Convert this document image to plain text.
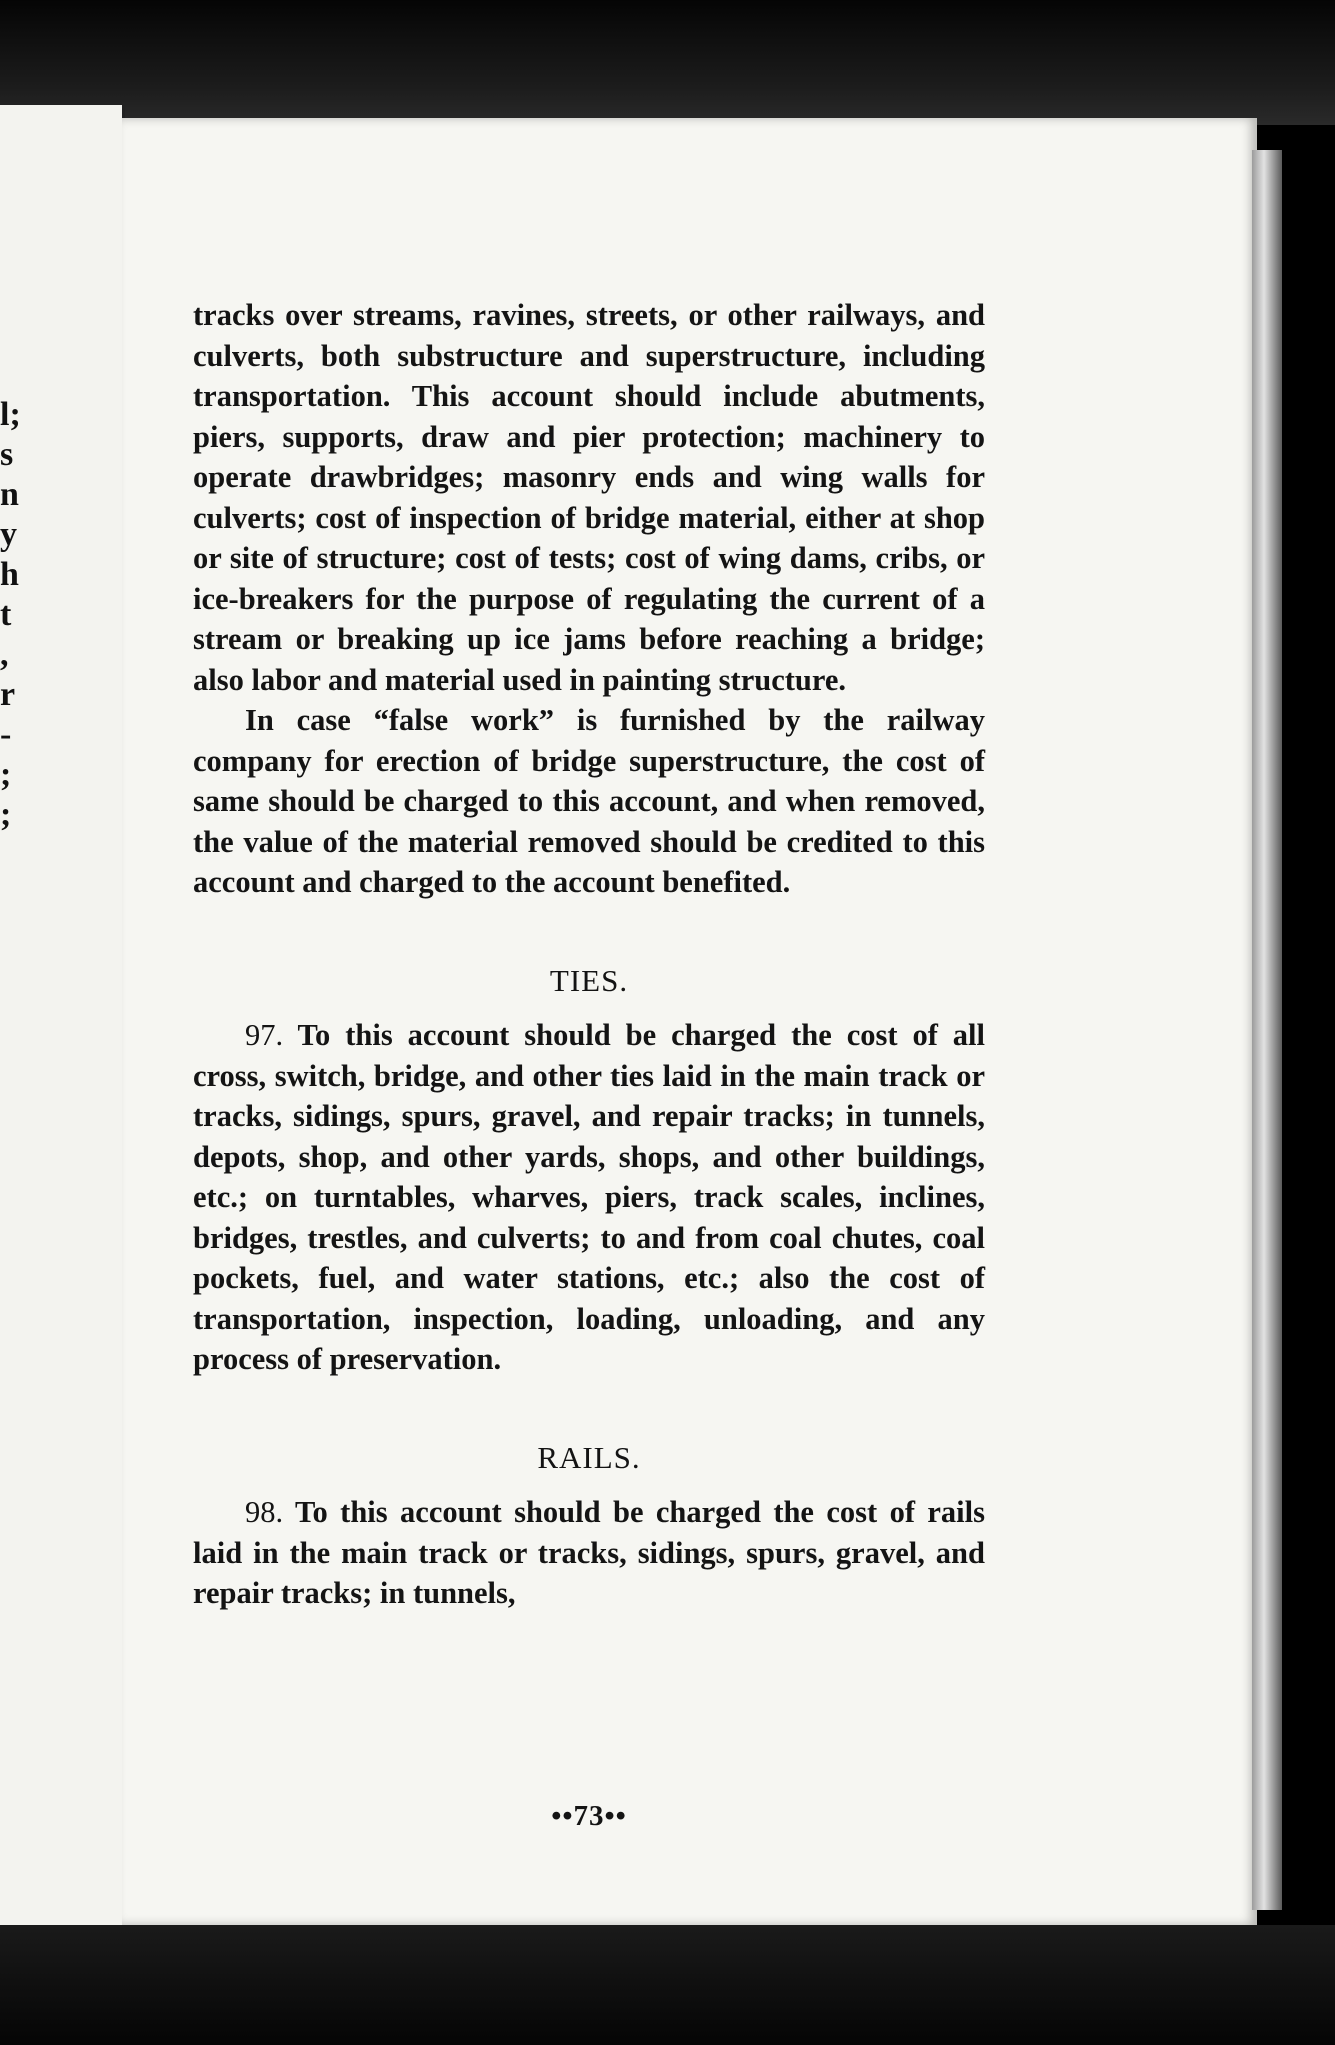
l;
s
n
y
h
t
,
r
-
;
;

tracks over streams, ravines, streets, or other railways, and culverts, both substructure and superstructure, including transportation. This account should include abutments, piers, supports, draw and pier protection; machinery to operate drawbridges; masonry ends and wing walls for culverts; cost of inspection of bridge material, either at shop or site of structure; cost of tests; cost of wing dams, cribs, or ice-breakers for the purpose of regulating the current of a stream or breaking up ice jams before reaching a bridge; also labor and material used in painting structure.

In case “false work” is furnished by the railway company for erection of bridge superstructure, the cost of same should be charged to this account, and when removed, the value of the material removed should be credited to this account and charged to the account benefited.

TIES.

97. To this account should be charged the cost of all cross, switch, bridge, and other ties laid in the main track or tracks, sidings, spurs, gravel, and repair tracks; in tunnels, depots, shop, and other yards, shops, and other buildings, etc.; on turntables, wharves, piers, track scales, inclines, bridges, trestles, and culverts; to and from coal chutes, coal pockets, fuel, and water stations, etc.; also the cost of transportation, inspection, loading, unloading, and any process of preservation.

RAILS.

98. To this account should be charged the cost of rails laid in the main track or tracks, sidings, spurs, gravel, and repair tracks; in tunnels,

••73••
